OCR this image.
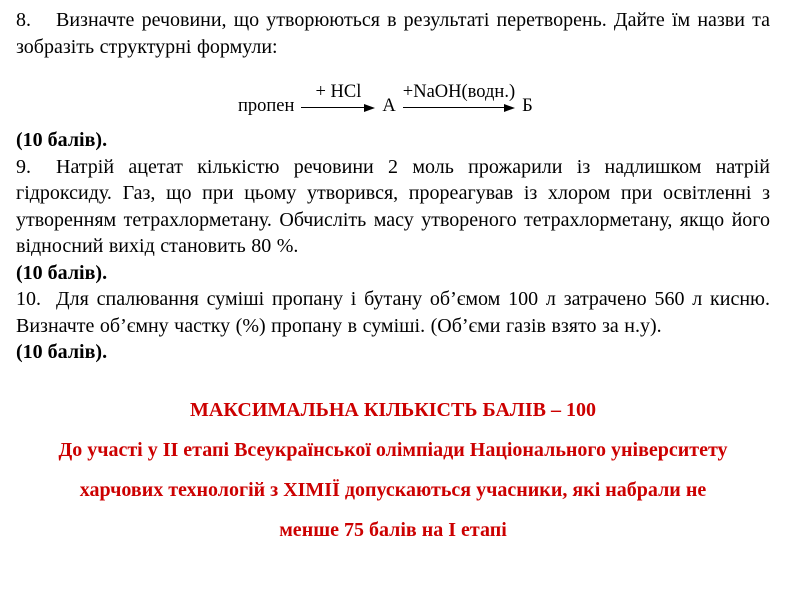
8. Визначте речовини, що утворюються в результаті перетворень. Дайте їм назви та зобразіть структурні формули:

пропен
+ HCl
А
+NaOH(водн.)
Б

(10 балів).

9. Натрій ацетат кількістю речовини 2 моль прожарили із надлишком натрій гідроксиду. Газ, що при цьому утворився, прореагував із хлором при освітленні з утворенням тетрахлорметану. Обчисліть масу утвореного тетрахлорметану, якщо його відносний вихід становить 80 %.

(10 балів).

10. Для спалювання суміші пропану і бутану об’ємом 100 л затрачено 560 л кисню. Визначте об’ємну частку (%) пропану в суміші. (Об’єми газів взято за н.у).

(10 балів).

МАКСИМАЛЬНА КІЛЬКІСТЬ БАЛІВ – 100
До участі у ІІ етапі Всеукраїнської олімпіади Національного університету
харчових технологій з ХІМІЇ допускаються учасники, які набрали не
менше 75 балів на І етапі
